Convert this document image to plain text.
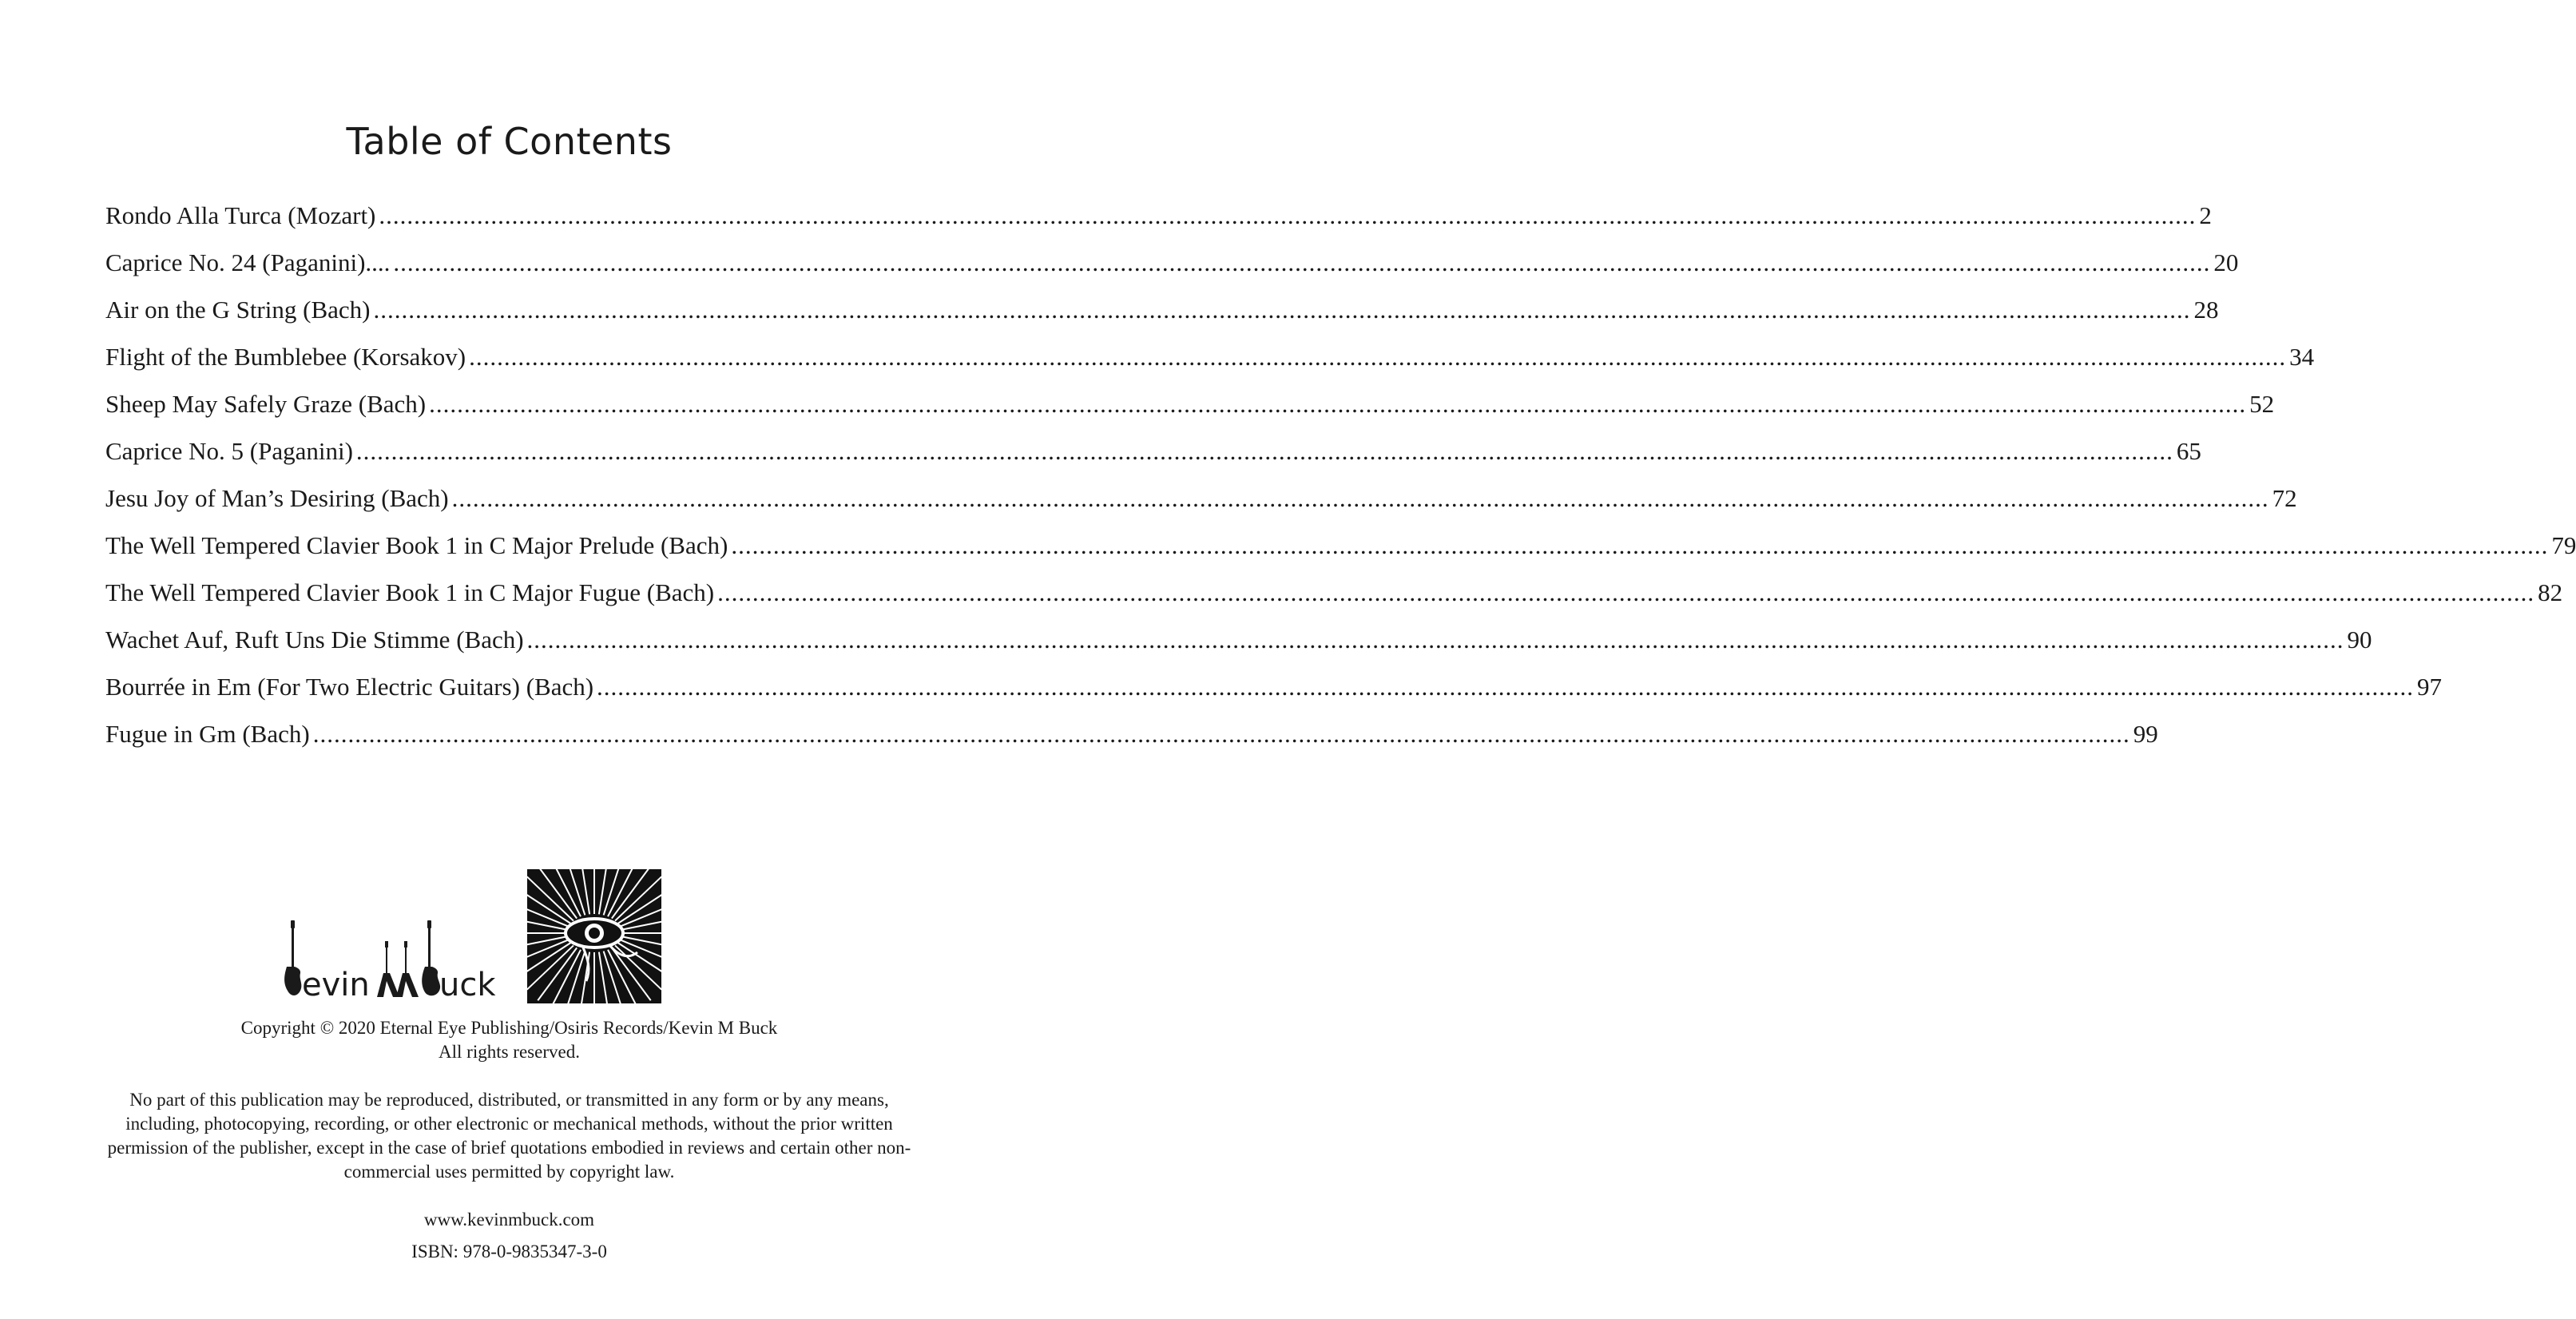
Table of Contents
Rondo Alla Turca (Mozart) .................................................................................................................................................................................................................................................................... 2
Caprice No. 24 (Paganini).... .................................................................................................................................................................................................................................................................... 20
Air on the G String (Bach) .................................................................................................................................................................................................................................................................... 28
Flight of the Bumblebee (Korsakov) .................................................................................................................................................................................................................................................................... 34
Sheep May Safely Graze (Bach) .................................................................................................................................................................................................................................................................... 52
Caprice No. 5 (Paganini) .................................................................................................................................................................................................................................................................... 65
Jesu Joy of Man’s Desiring (Bach) .................................................................................................................................................................................................................................................................... 72
The Well Tempered Clavier Book 1 in C Major Prelude (Bach) .................................................................................................................................................................................................................................................................... 79
The Well Tempered Clavier Book 1 in C Major Fugue (Bach) .................................................................................................................................................................................................................................................................... 82
Wachet Auf, Ruft Uns Die Stimme (Bach) .................................................................................................................................................................................................................................................................... 90
Bourrée in Em (For Two Electric Guitars) (Bach) .................................................................................................................................................................................................................................................................... 97
Fugue in Gm (Bach) .................................................................................................................................................................................................................................................................... 99
evin uck
Copyright © 2020 Eternal Eye Publishing/Osiris Records/Kevin M Buck
All rights reserved.
No part of this publication may be reproduced, distributed, or transmitted in any form or by any means, including, photocopying, recording, or other electronic or mechanical methods, without the prior written permission of the publisher, except in the case of brief quotations embodied in reviews and certain other non-commercial uses permitted by copyright law.
www.kevinmbuck.com
ISBN: 978-0-9835347-3-0
